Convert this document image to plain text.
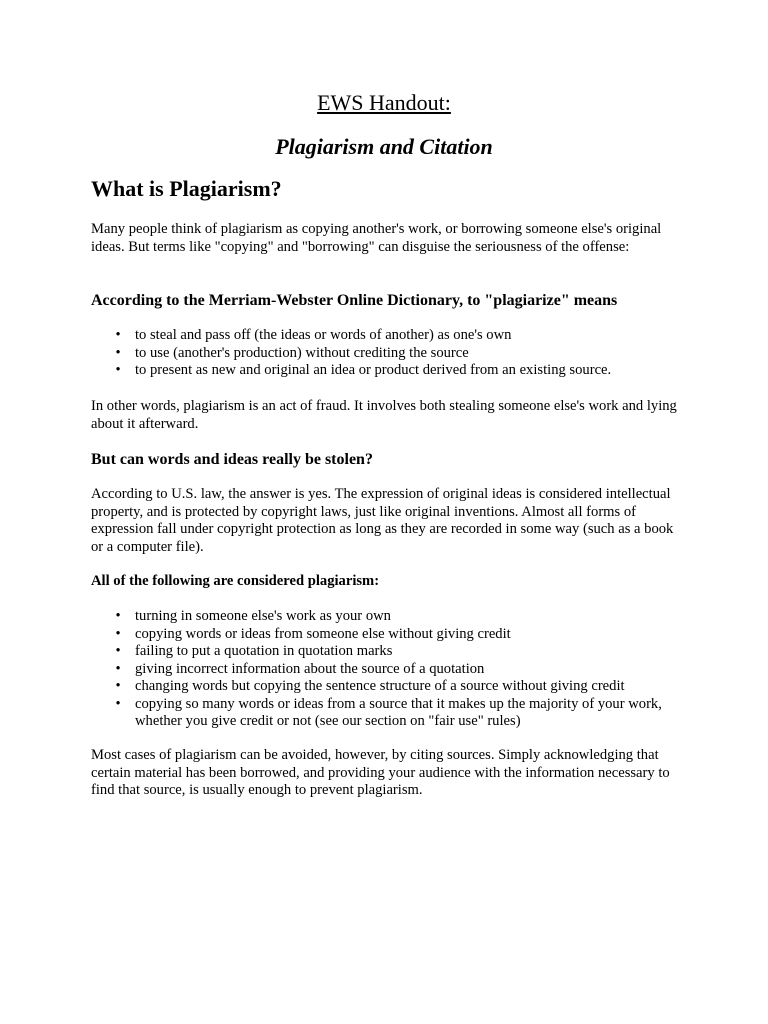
EWS Handout:
Plagiarism and Citation
What is Plagiarism?

Many people think of plagiarism as copying another's work, or borrowing someone else's original ideas. But terms like "copying" and "borrowing" can disguise the seriousness of the offense:

According to the Merriam-Webster Online Dictionary, to "plagiarize" means
• to steal and pass off (the ideas or words of another) as one's own
• to use (another's production) without crediting the source
• to present as new and original an idea or product derived from an existing source.

In other words, plagiarism is an act of fraud. It involves both stealing someone else's work and lying about it afterward.

But can words and ideas really be stolen?

According to U.S. law, the answer is yes. The expression of original ideas is considered intellectual property, and is protected by copyright laws, just like original inventions. Almost all forms of expression fall under copyright protection as long as they are recorded in some way (such as a book or a computer file).

All of the following are considered plagiarism:
• turning in someone else's work as your own
• copying words or ideas from someone else without giving credit
• failing to put a quotation in quotation marks
• giving incorrect information about the source of a quotation
• changing words but copying the sentence structure of a source without giving credit
• copying so many words or ideas from a source that it makes up the majority of your work, whether you give credit or not (see our section on "fair use" rules)

Most cases of plagiarism can be avoided, however, by citing sources. Simply acknowledging that certain material has been borrowed, and providing your audience with the information necessary to find that source, is usually enough to prevent plagiarism.
